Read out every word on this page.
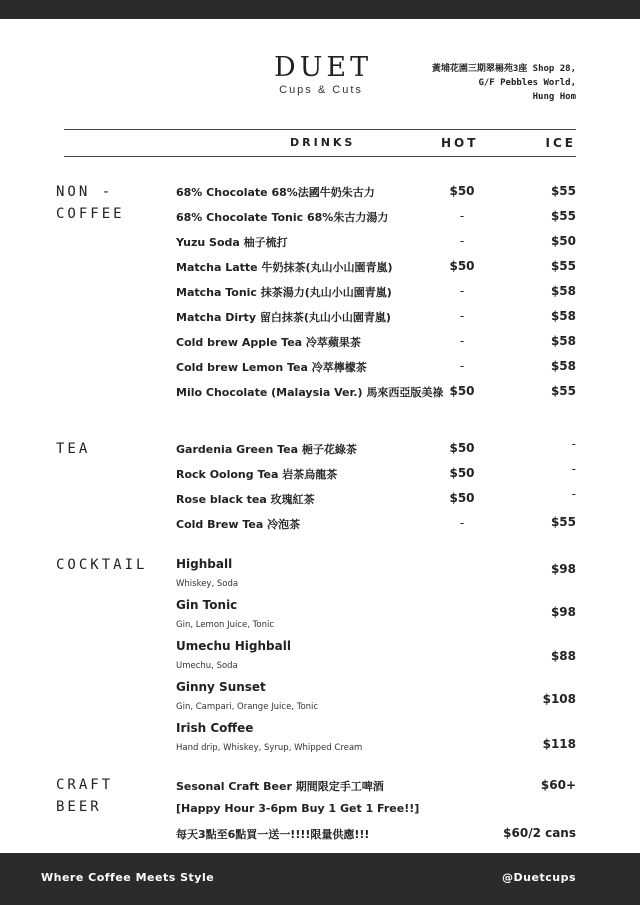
DUET
Cups & Cuts
黃埔花園三期翠楊苑3座 Shop 28,
G/F Pebbles World,
Hung Hom
DRINKS	HOT	ICE
NON -
COFFEE
68% Chocolate 68%法國牛奶朱古力	$50	$55
68% Chocolate Tonic 68%朱古力湯力	-	$55
Yuzu Soda 柚子梳打	-	$50
Matcha Latte 牛奶抹茶(丸山小山園青嵐)	$50	$55
Matcha Tonic 抹茶湯力(丸山小山園青嵐)	-	$58
Matcha Dirty 留白抹茶(丸山小山園青嵐)	-	$58
Cold brew Apple Tea 冷萃蘋果茶	-	$58
Cold brew Lemon Tea 冷萃檸檬茶	-	$58
Milo Chocolate (Malaysia Ver.) 馬來西亞版美祿 $50	$55
TEA	Gardenia Green Tea 梔子花綠茶	$50	-
Rock Oolong Tea 岩茶烏龍茶	$50	-
Rose black tea 玫瑰紅茶	$50	-
Cold Brew Tea 冷泡茶	-	$55
COCKTAIL Highball
Whiskey, Soda
$98
Gin Tonic
Gin, Lemon Juice, Tonic
$98
Umechu Highball
Umechu, Soda
$88
Ginny Sunset
Gin, Campari, Orange Juice, Tonic
$108
Irish Coffee
Hand drip, Whiskey, Syrup, Whipped Cream	$118
CRAFT
BEER
Sesonal Craft Beer 期間限定手工啤酒	$60+
[Happy Hour 3-6pm Buy 1 Get 1 Free!!]
每天3點至6點買一送一!!!!限量供應!!!	$60/2 cans
Where Coffee Meets Style	@Duetcups
